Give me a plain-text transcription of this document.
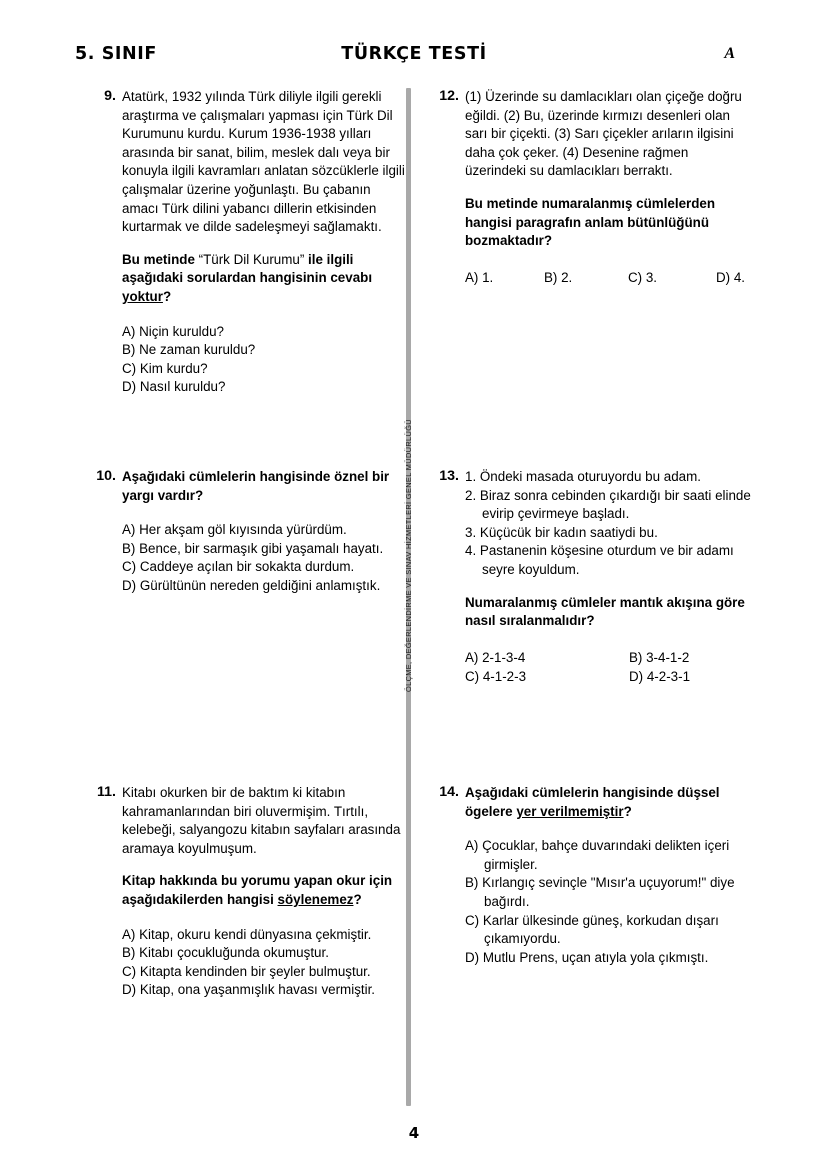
5. SINIF	TÜRKÇE TESTİ	A
ÖLÇME, DEĞERLENDİRME VE SINAV HİZMETLERİ GENEL MÜDÜRLÜĞÜ
9. Atatürk, 1932 yılında Türk diliyle ilgili gerekli araştırma ve çalışmaları yapması için Türk Dil Kurumunu kurdu. Kurum 1936-1938 yılları arasında bir sanat, bilim, meslek dalı veya bir konuyla ilgili kavramları anlatan sözcüklerle ilgili çalışmalar üzerine yoğunlaştı. Bu çabanın amacı Türk dilini yabancı dillerin etkisinden kurtarmak ve dilde sadeleşmeyi sağlamaktı.
Bu metinde “Türk Dil Kurumu” ile ilgili aşağıdaki sorulardan hangisinin cevabı yoktur?
A) Niçin kuruldu?
B) Ne zaman kuruldu?
C) Kim kurdu?
D) Nasıl kuruldu?
10. Aşağıdaki cümlelerin hangisinde öznel bir yargı vardır?
A) Her akşam göl kıyısında yürürdüm.
B) Bence, bir sarmaşık gibi yaşamalı hayatı.
C) Caddeye açılan bir sokakta durdum.
D) Gürültünün nereden geldiğini anlamıştık.
11. Kitabı okurken bir de baktım ki kitabın kahramanlarından biri oluvermişim. Tırtılı, kelebeği, salyangozu kitabın sayfaları arasında aramaya koyulmuşum.
Kitap hakkında bu yorumu yapan okur için aşağıdakilerden hangisi söylenemez?
A) Kitap, okuru kendi dünyasına çekmiştir.
B) Kitabı çocukluğunda okumuştur.
C) Kitapta kendinden bir şeyler bulmuştur.
D) Kitap, ona yaşanmışlık havası vermiştir.
12. (1) Üzerinde su damlacıkları olan çiçeğe doğru eğildi. (2) Bu, üzerinde kırmızı desenleri olan sarı bir çiçekti. (3) Sarı çiçekler arıların ilgisini daha çok çeker. (4) Desenine rağmen üzerindeki su damlacıkları berraktı.
Bu metinde numaralanmış cümlelerden hangisi paragrafın anlam bütünlüğünü bozmaktadır?
A) 1.	B) 2.	C) 3.	D) 4.
13. 1. Öndeki masada oturuyordu bu adam.
2. Biraz sonra cebinden çıkardığı bir saati elinde evirip çevirmeye başladı.
3. Küçücük bir kadın saatiydi bu.
4. Pastanenin köşesine oturdum ve bir adamı seyre koyuldum.
Numaralanmış cümleler mantık akışına göre nasıl sıralanmalıdır?
A) 2-1-3-4	B) 3-4-1-2
C) 4-1-2-3	D) 4-2-3-1
14. Aşağıdaki cümlelerin hangisinde düşsel ögelere yer verilmemiştir?
A) Çocuklar, bahçe duvarındaki delikten içeri girmişler.
B) Kırlangıç sevinçle "Mısır'a uçuyorum!" diye bağırdı.
C) Karlar ülkesinde güneş, korkudan dışarı çıkamıyordu.
D) Mutlu Prens, uçan atıyla yola çıkmıştı.
4
